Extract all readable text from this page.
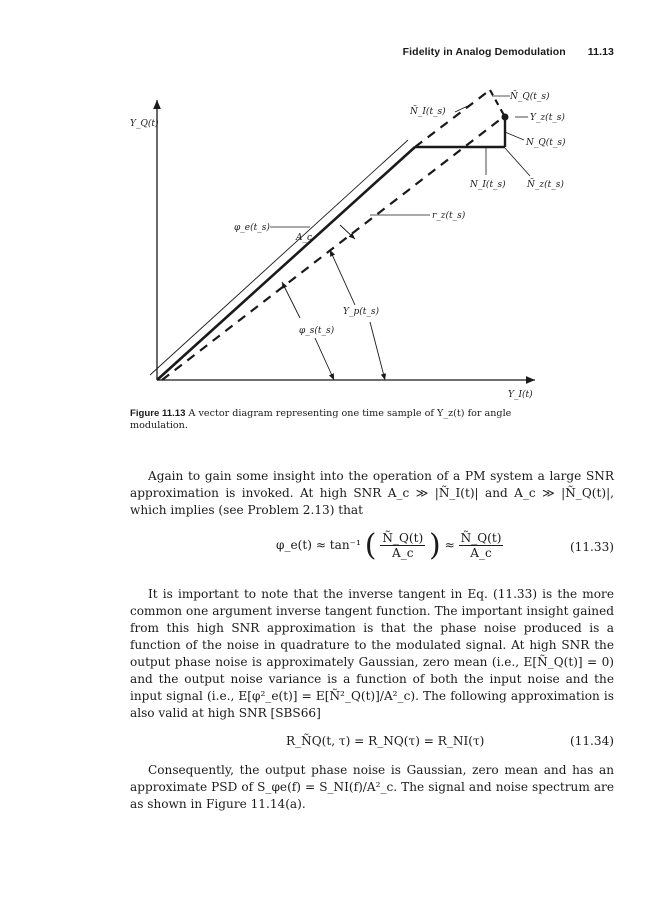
Fidelity in Analog Demodulation 11.13
Y_Q(t)
Y_I(t)
Ñ_Q(t_s)
Ñ_I(t_s)
Y_z(t_s)
N_Q(t_s)
N_I(t_s) Ñ_z(t_s)
r_z(t_s)
φ_e(t_s)
A_c
Y_p(t_s)
φ_s(t_s)
Figure 11.13 A vector diagram representing one time sample of Y_z(t) for angle modulation.

Again to gain some insight into the operation of a PM system a large SNR approximation is invoked. At high SNR A_c ≫ |Ñ_I(t)| and A_c ≫ |Ñ_Q(t)|, which implies (see Problem 2.13) that

φ_e(t) ≈ tan⁻¹ ( $\frac{Ñ\_Q(t)}{A\_c}$ ) ≈ $\frac{Ñ\_Q(t)}{A\_c}$	(11.33)

It is important to note that the inverse tangent in Eq. (11.33) is the more common one argument inverse tangent function. The important insight gained from this high SNR approximation is that the phase noise produced is a function of the noise in quadrature to the modulated signal. At high SNR the output phase noise is approximately Gaussian, zero mean (i.e., E[Ñ_Q(t)] = 0) and the output noise variance is a function of both the input noise and the input signal (i.e., E[φ²_e(t)] = E[Ñ²_Q(t)]/A²_c). The following approximation is also valid at high SNR [SBS66]

R_ÑQ(t, τ) = R_NQ(τ) = R_NI(τ)	(11.34)

Consequently, the output phase noise is Gaussian, zero mean and has an approximate PSD of S_φe(f) = S_NI(f)/A²_c. The signal and noise spectrum are as shown in Figure 11.14(a).
